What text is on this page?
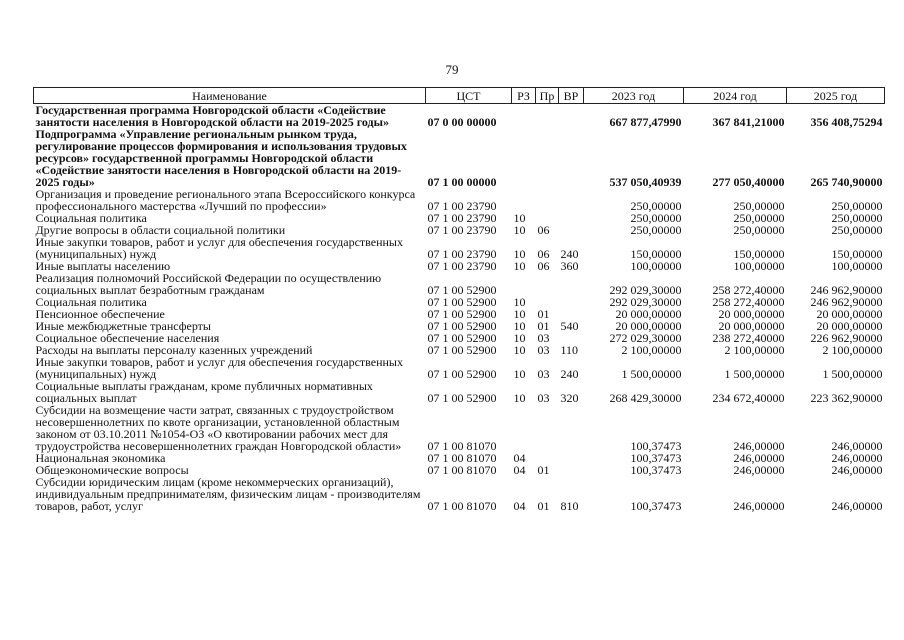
79
Наименование	ЦСТ	РЗ	Пр	ВР	2023 год	2024 год	2025 год
Государственная программа Новгородской области «Содействие занятости населения в Новгородской области на 2019-2025 годы»	07 0 00 00000				667 877,47990	367 841,21000	356 408,75294
Подпрограмма «Управление региональным рынком труда, регулирование процессов формирования и использования трудовых ресурсов» государственной программы Новгородской области «Содействие занятости населения в Новгородской области на 2019-2025 годы»	07 1 00 00000				537 050,40939	277 050,40000	265 740,90000
Организация и проведение регионального этапа Всероссийского конкурса профессионального мастерства «Лучший по профессии»	07 1 00 23790				250,00000	250,00000	250,00000
Социальная политика	07 1 00 23790	10			250,00000	250,00000	250,00000
Другие вопросы в области социальной политики	07 1 00 23790	10	06		250,00000	250,00000	250,00000
Иные закупки товаров, работ и услуг для обеспечения государственных (муниципальных) нужд	07 1 00 23790	10	06	240	150,00000	150,00000	150,00000
Иные выплаты населению	07 1 00 23790	10	06	360	100,00000	100,00000	100,00000
Реализация полномочий Российской Федерации по осуществлению социальных выплат безработным гражданам	07 1 00 52900				292 029,30000	258 272,40000	246 962,90000
Социальная политика	07 1 00 52900	10			292 029,30000	258 272,40000	246 962,90000
Пенсионное обеспечение	07 1 00 52900	10	01		20 000,00000	20 000,00000	20 000,00000
Иные межбюджетные трансферты	07 1 00 52900	10	01	540	20 000,00000	20 000,00000	20 000,00000
Социальное обеспечение населения	07 1 00 52900	10	03		272 029,30000	238 272,40000	226 962,90000
Расходы на выплаты персоналу казенных учреждений	07 1 00 52900	10	03	110	2 100,00000	2 100,00000	2 100,00000
Иные закупки товаров, работ и услуг для обеспечения государственных (муниципальных) нужд	07 1 00 52900	10	03	240	1 500,00000	1 500,00000	1 500,00000
Социальные выплаты гражданам, кроме публичных нормативных социальных выплат	07 1 00 52900	10	03	320	268 429,30000	234 672,40000	223 362,90000
Субсидии на возмещение части затрат, связанных с трудоустройством несовершеннолетних по квоте организации, установленной областным законом от 03.10.2011 №1054-ОЗ «О квотировании рабочих мест для трудоустройства несовершеннолетних граждан Новгородской области»	07 1 00 81070				100,37473	246,00000	246,00000
Национальная экономика	07 1 00 81070	04			100,37473	246,00000	246,00000
Общеэкономические вопросы	07 1 00 81070	04	01		100,37473	246,00000	246,00000
Субсидии юридическим лицам (кроме некоммерческих организаций), индивидуальным предпринимателям, физическим лицам - производителям товаров, работ, услуг	07 1 00 81070	04	01	810	100,37473	246,00000	246,00000
